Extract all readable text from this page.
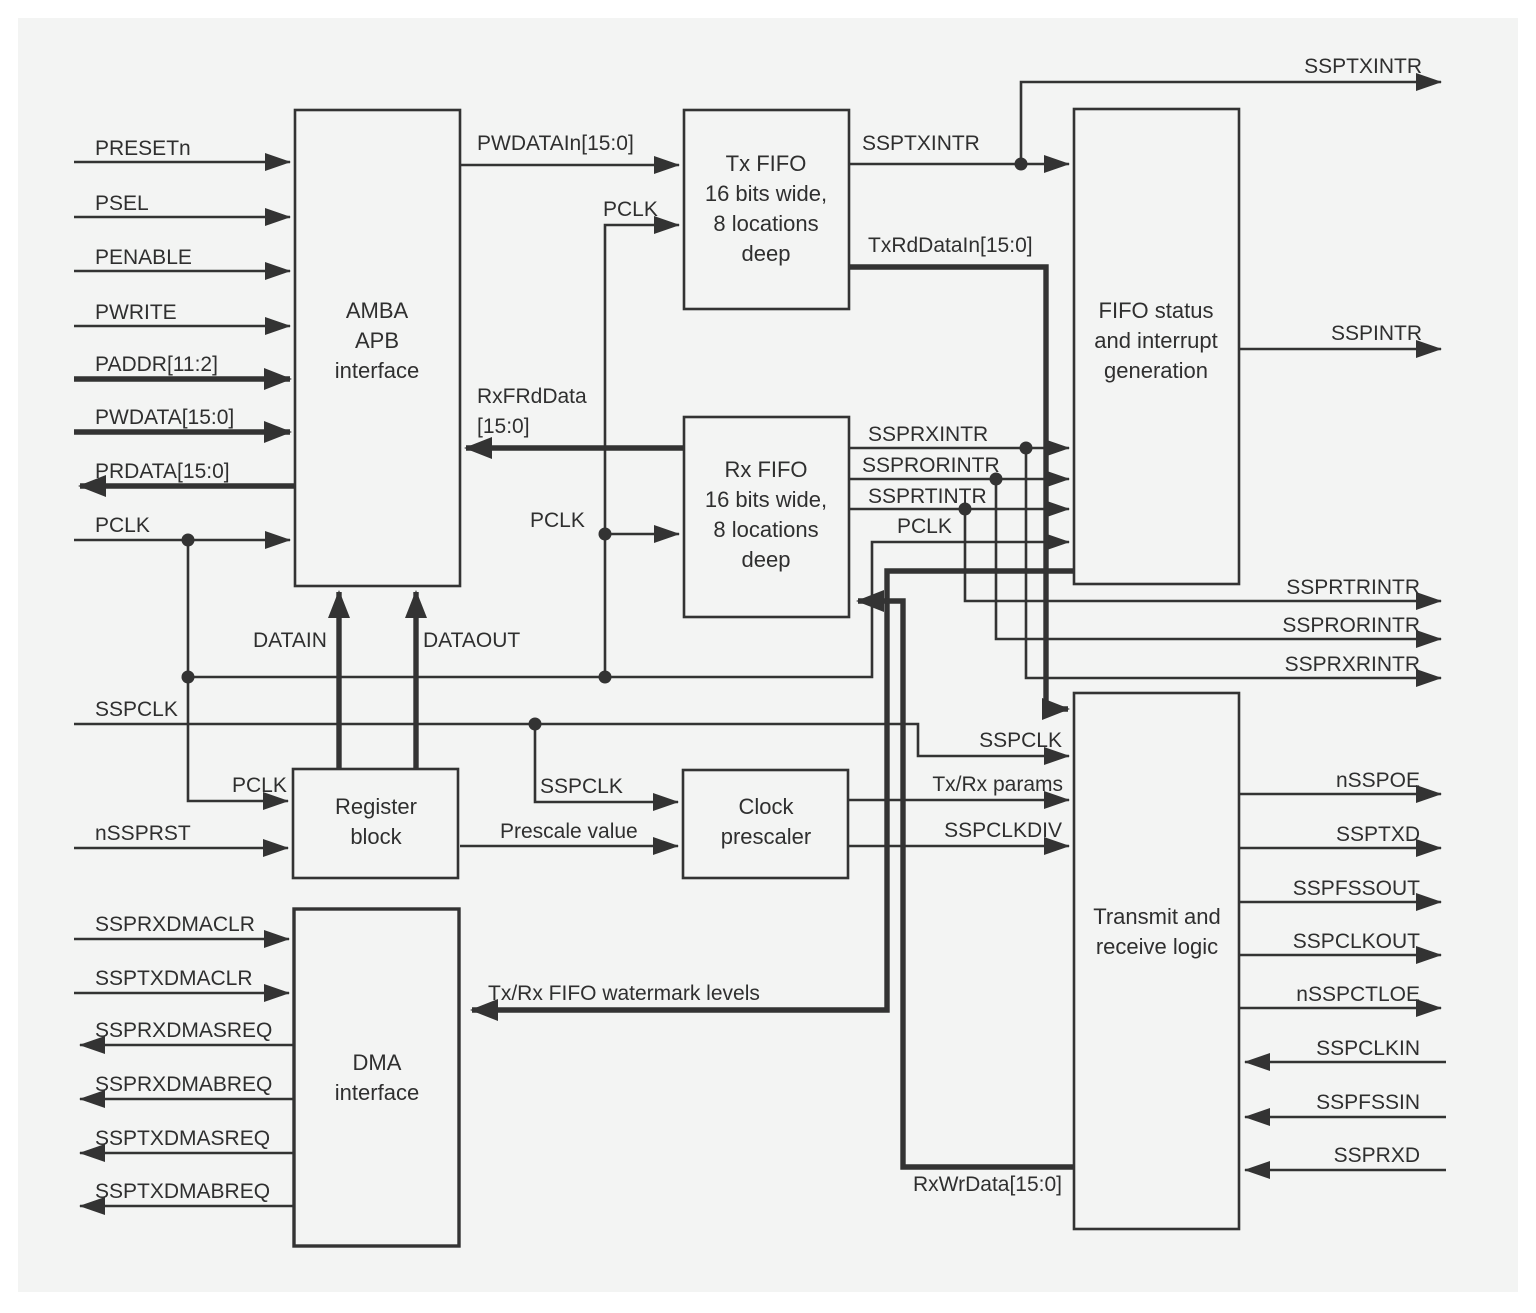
AMBA
APB
interface
Tx FIFO
16 bits wide,
8 locations
deep
Rx FIFO
16 bits wide,
8 locations
deep
FIFO status
and interrupt
generation
Register
block
Clock
prescaler
Transmit and
receive logic
DMA
interface
PRESETn
PSEL
PENABLE
PWRITE
PADDR[11:2]
PWDATA[15:0]
PRDATA[15:0]
PCLK
SSPCLK
nSSPRST
SSPRXDMACLR
SSPTXDMACLR
SSPRXDMASREQ
SSPRXDMABREQ
SSPTXDMASREQ
SSPTXDMABREQ
PWDATAIn[15:0]
PCLK
RxFRdData
[15:0]
PCLK
SSPTXINTR
TxRdDataIn[15:0]
SSPRXINTR
SSPRORINTR
SSPRTINTR
PCLK
DATAIN	DATAOUT
PCLK	SSPCLK
Prescale value
SSPCLK
Tx/Rx params
SSPCLKDIV
Tx/Rx FIFO watermark levels
RxWrData[15:0]
SSPTXINTR
SSPINTR
SSPRTRINTR
SSPRORINTR
SSPRXRINTR
nSSPOE
SSPTXD
SSPFSSOUT
SSPCLKOUT
nSSPCTLOE
SSPCLKIN
SSPFSSIN
SSPRXD
